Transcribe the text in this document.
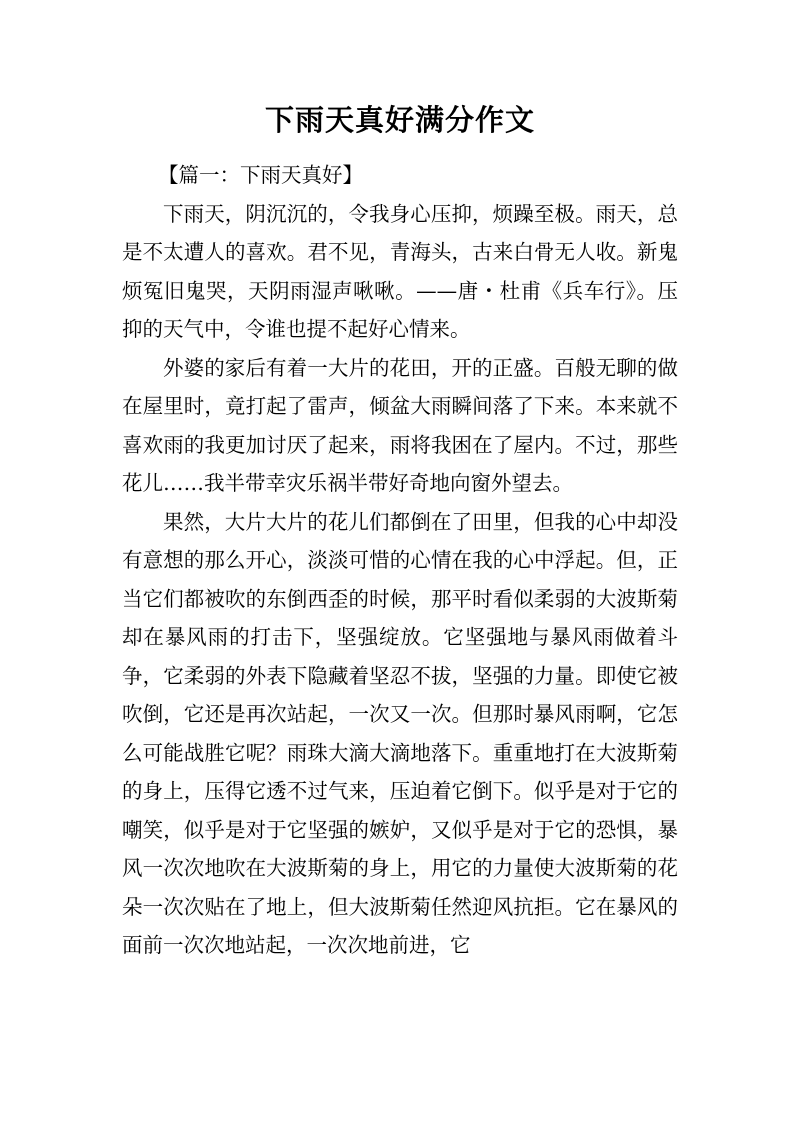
下雨天真好满分作文

【篇一：下雨天真好】

下雨天，阴沉沉的，令我身心压抑，烦躁至极。雨天，总是不太遭人的喜欢。君不见，青海头，古来白骨无人收。新鬼烦冤旧鬼哭，天阴雨湿声啾啾。——唐・杜甫《兵车行》。压抑的天气中，令谁也提不起好心情来。

外婆的家后有着一大片的花田，开的正盛。百般无聊的做在屋里时，竟打起了雷声，倾盆大雨瞬间落了下来。本来就不喜欢雨的我更加讨厌了起来，雨将我困在了屋内。不过，那些花儿……我半带幸灾乐祸半带好奇地向窗外望去。

果然，大片大片的花儿们都倒在了田里，但我的心中却没有意想的那么开心，淡淡可惜的心情在我的心中浮起。但，正当它们都被吹的东倒西歪的时候，那平时看似柔弱的大波斯菊却在暴风雨的打击下，坚强绽放。它坚强地与暴风雨做着斗争，它柔弱的外表下隐藏着坚忍不拔，坚强的力量。即使它被吹倒，它还是再次站起，一次又一次。但那时暴风雨啊，它怎么可能战胜它呢？雨珠大滴大滴地落下。重重地打在大波斯菊的身上，压得它透不过气来，压迫着它倒下。似乎是对于它的嘲笑，似乎是对于它坚强的嫉妒，又似乎是对于它的恐惧，暴风一次次地吹在大波斯菊的身上，用它的力量使大波斯菊的花朵一次次贴在了地上，但大波斯菊任然迎风抗拒。它在暴风的面前一次次地站起，一次次地前进，它
